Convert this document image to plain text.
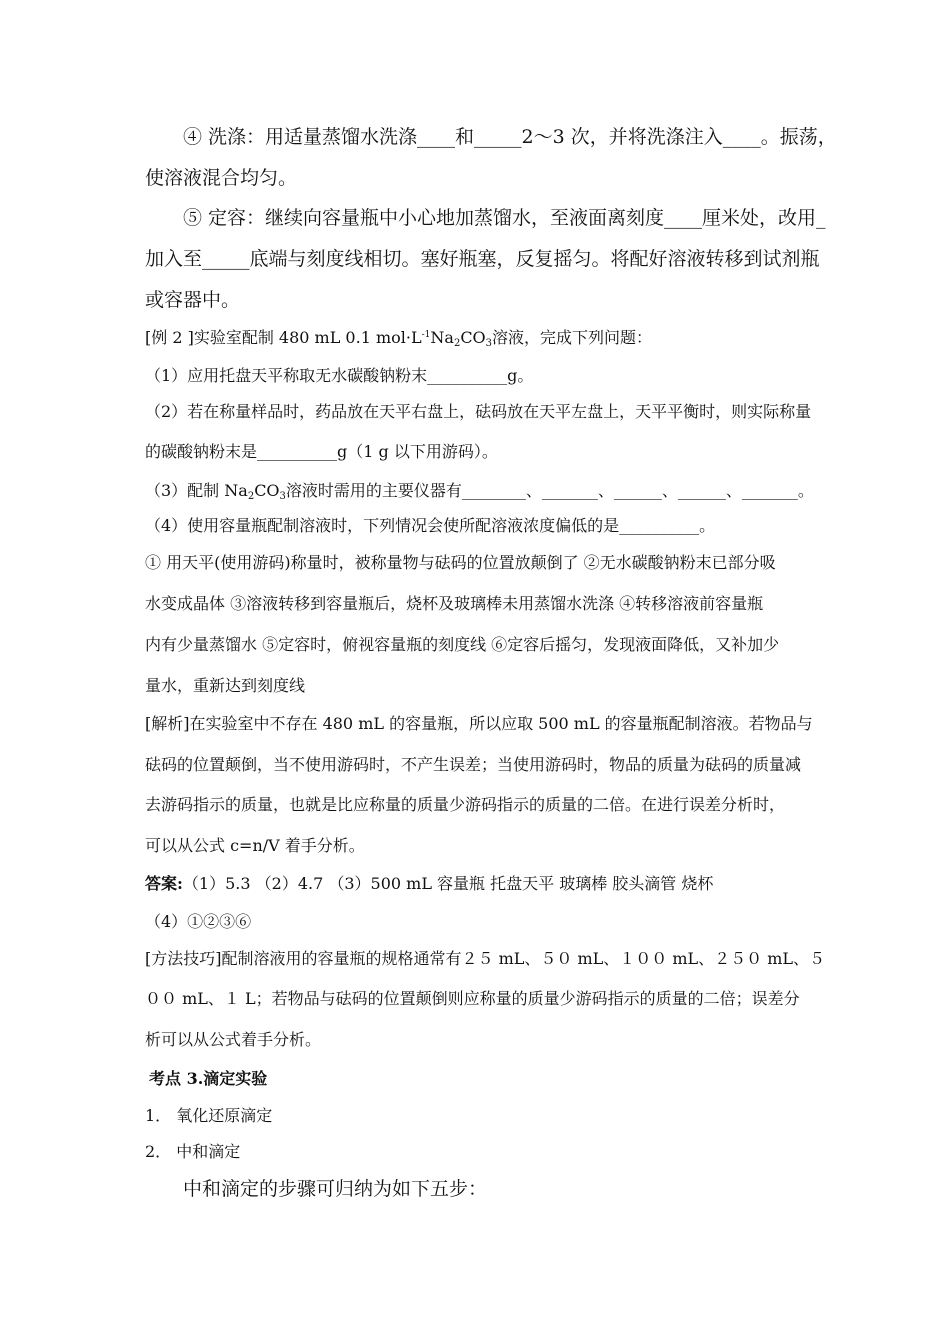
④ 洗涤：用适量蒸馏水洗涤____和_____2～3 次，并将洗涤注入____。振荡，
使溶液混合均匀。
⑤ 定容：继续向容量瓶中小心地加蒸馏水，至液面离刻度____厘米处，改用_
加入至_____底端与刻度线相切。塞好瓶塞，反复摇匀。将配好溶液转移到试剂瓶
或容器中。
[例 2 ]实验室配制 480 mL 0.1 $mol\cdot L^{-1}Na_2CO_3$溶液，完成下列问题：
（1）应用托盘天平称取无水碳酸钠粉末__________g。
（2）若在称量样品时，药品放在天平右盘上，砝码放在天平左盘上，天平平衡时，则实际称量
的碳酸钠粉末是__________g（1 g 以下用游码）。
（3）配制 $Na_2CO_3$溶液时需用的主要仪器有________、_______、______、______、_______。
（4）使用容量瓶配制溶液时，下列情况会使所配溶液浓度偏低的是__________。
① 用天平(使用游码)称量时，被称量物与砝码的位置放颠倒了 ②无水碳酸钠粉末已部分吸
水变成晶体 ③溶液转移到容量瓶后，烧杯及玻璃棒未用蒸馏水洗涤 ④转移溶液前容量瓶
内有少量蒸馏水 ⑤定容时，俯视容量瓶的刻度线 ⑥定容后摇匀，发现液面降低，又补加少
量水，重新达到刻度线
[解析]在实验室中不存在 480 mL 的容量瓶，所以应取 500 mL 的容量瓶配制溶液。若物品与
砝码的位置颠倒，当不使用游码时，不产生误差；当使用游码时，物品的质量为砝码的质量减
去游码指示的质量，也就是比应称量的质量少游码指示的质量的二倍。在进行误差分析时，
可以从公式 c=n/V 着手分析。
答案:（1）5.3 （2）4.7 （3）500 mL 容量瓶 托盘天平 玻璃棒 胶头滴管 烧杯
（4）①②③⑥
[方法技巧]配制溶液用的容量瓶的规格通常有２５ mL、５０ mL、１００ mL、２５０ mL、５
００ mL、１ L；若物品与砝码的位置颠倒则应称量的质量少游码指示的质量的二倍；误差分
析可以从公式着手分析。
考点 3.滴定实验
1． 氧化还原滴定
2． 中和滴定
中和滴定的步骤可归纳为如下五步：
